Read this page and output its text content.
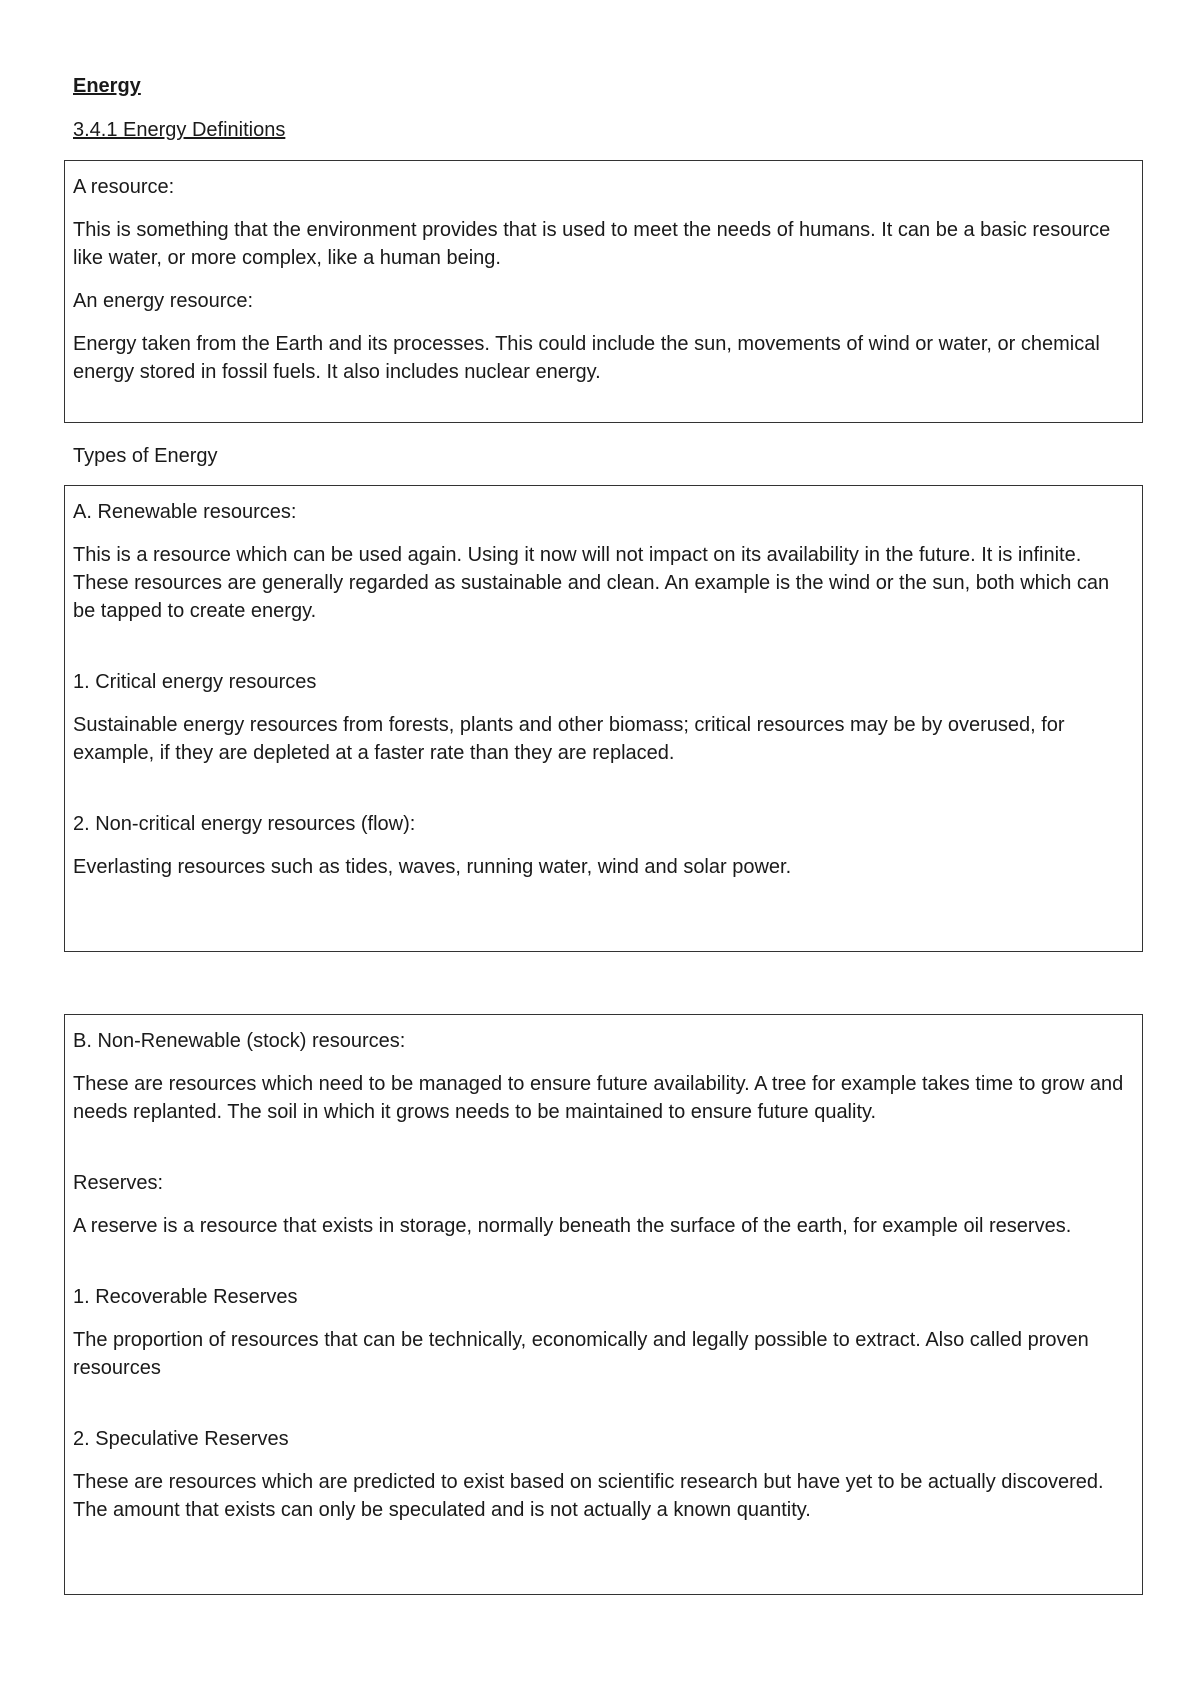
Energy
3.4.1 Energy Definitions

A resource:

This is something that the environment provides that is used to meet the needs of humans. It can be a basic resource like water, or more complex, like a human being.

An energy resource:

Energy taken from the Earth and its processes. This could include the sun, movements of wind or water, or chemical energy stored in fossil fuels. It also includes nuclear energy.

Types of Energy

A. Renewable resources:

This is a resource which can be used again. Using it now will not impact on its availability in the future. It is infinite. These resources are generally regarded as sustainable and clean. An example is the wind or the sun, both which can be tapped to create energy.

1. Critical energy resources

Sustainable energy resources from forests, plants and other biomass; critical resources may be by overused, for example, if they are depleted at a faster rate than they are replaced.

2. Non-critical energy resources (flow):

Everlasting resources such as tides, waves, running water, wind and solar power.

B. Non-Renewable (stock) resources:

These are resources which need to be managed to ensure future availability. A tree for example takes time to grow and needs replanted. The soil in which it grows needs to be maintained to ensure future quality.

Reserves:

A reserve is a resource that exists in storage, normally beneath the surface of the earth, for example oil reserves.

1. Recoverable Reserves

The proportion of resources that can be technically, economically and legally possible to extract. Also called proven resources

2. Speculative Reserves

These are resources which are predicted to exist based on scientific research but have yet to be actually discovered. The amount that exists can only be speculated and is not actually a known quantity.
